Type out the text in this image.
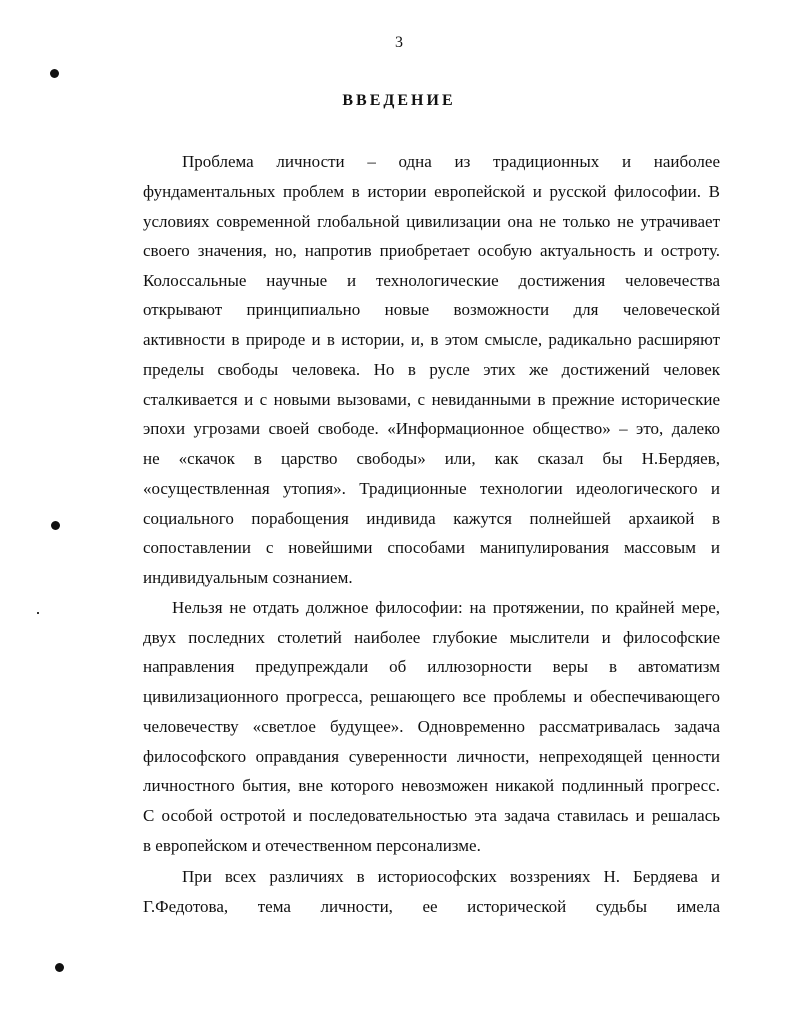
3
ВВЕДЕНИЕ
Проблема личности – одна из традиционных и наиболее
фундаментальных проблем в истории европейской и русской философии. В
условиях современной глобальной цивилизации она не только не утрачивает
своего значения, но, напротив приобретает особую актуальность и остроту.
Колоссальные научные и технологические достижения человечества
открывают принципиально новые возможности для человеческой
активности в природе и в истории, и, в этом смысле, радикально расширяют
пределы свободы человека. Но в русле этих же достижений человек
сталкивается и с новыми вызовами, с невиданными в прежние исторические
эпохи угрозами своей свободе. «Информационное общество» – это, далеко
не «скачок в царство свободы» или, как сказал бы Н.Бердяев,
«осуществленная утопия». Традиционные технологии идеологического и
социального порабощения индивида кажутся полнейшей архаикой в
сопоставлении с новейшими способами манипулирования массовым и
индивидуальным сознанием.
Нельзя не отдать должное философии: на протяжении, по крайней мере,
двух последних столетий наиболее глубокие мыслители и философские
направления предупреждали об иллюзорности веры в автоматизм
цивилизационного прогресса, решающего все проблемы и обеспечивающего
человечеству «светлое будущее». Одновременно рассматривалась задача
философского оправдания суверенности личности, непреходящей ценности
личностного бытия, вне которого невозможен никакой подлинный прогресс.
С особой остротой и последовательностью эта задача ставилась и решалась
в европейском и отечественном персонализме.
При всех различиях в историософских воззрениях Н. Бердяева и
Г.Федотова, тема личности, ее исторической судьбы имела
